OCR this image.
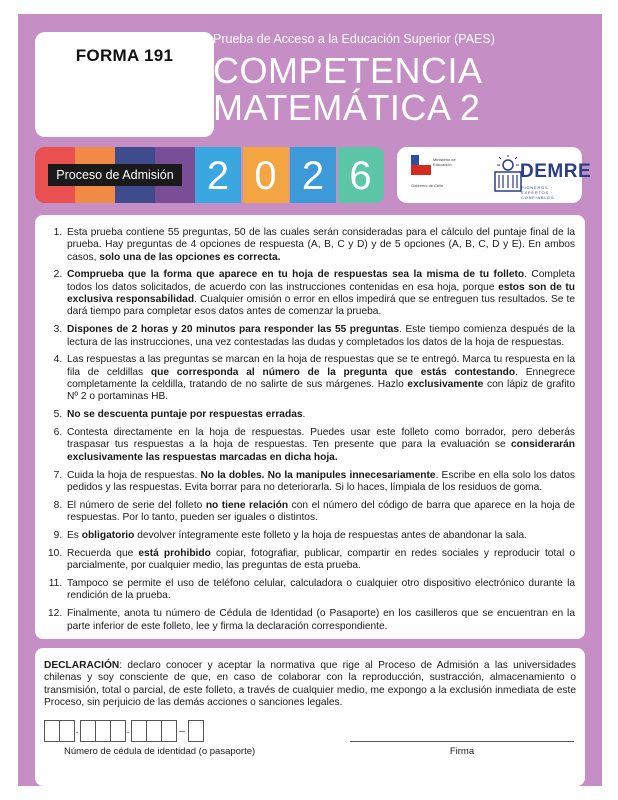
FORMA 191
Prueba de Acceso a la Educación Superior (PAES)
COMPETENCIA
MATEMÁTICA 2
Proceso de Admisión 2 0 2 6	Ministerio de Educación
Gobierno de Chile
DEMRE
PIONEROS · EXPERTOS · CONFIABLES
1. Esta prueba contiene 55 preguntas, 50 de las cuales serán consideradas para el cálculo del puntaje final de la prueba. Hay preguntas de 4 opciones de respuesta (A, B, C y D) y de 5 opciones (A, B, C, D y E). En ambos casos, solo una de las opciones es correcta.
2. Comprueba que la forma que aparece en tu hoja de respuestas sea la misma de tu folleto. Completa todos los datos solicitados, de acuerdo con las instrucciones contenidas en esa hoja, porque estos son de tu exclusiva responsabilidad. Cualquier omisión o error en ellos impedirá que se entreguen tus resultados. Se te dará tiempo para completar esos datos antes de comenzar la prueba.
3. Dispones de 2 horas y 20 minutos para responder las 55 preguntas. Este tiempo comienza después de la lectura de las instrucciones, una vez contestadas las dudas y completados los datos de la hoja de respuestas.
4. Las respuestas a las preguntas se marcan en la hoja de respuestas que se te entregó. Marca tu respuesta en la fila de celdillas que corresponda al número de la pregunta que estás contestando. Ennegrece completamente la celdilla, tratando de no salirte de sus márgenes. Hazlo exclusivamente con lápiz de grafito Nº 2 o portaminas HB.
5. No se descuenta puntaje por respuestas erradas.
6. Contesta directamente en la hoja de respuestas. Puedes usar este folleto como borrador, pero deberás traspasar tus respuestas a la hoja de respuestas. Ten presente que para la evaluación se considerarán exclusivamente las respuestas marcadas en dicha hoja.
7. Cuida la hoja de respuestas. No la dobles. No la manipules innecesariamente. Escribe en ella solo los datos pedidos y las respuestas. Evita borrar para no deteriorarla. Si lo haces, límpiala de los residuos de goma.
8. El número de serie del folleto no tiene relación con el número del código de barra que aparece en la hoja de respuestas. Por lo tanto, pueden ser iguales o distintos.
9. Es obligatorio devolver íntegramente este folleto y la hoja de respuestas antes de abandonar la sala.
10. Recuerda que está prohibido copiar, fotografiar, publicar, compartir en redes sociales y reproducir total o parcialmente, por cualquier medio, las preguntas de esta prueba.
11. Tampoco se permite el uso de teléfono celular, calculadora o cualquier otro dispositivo electrónico durante la rendición de la prueba.
12. Finalmente, anota tu número de Cédula de Identidad (o Pasaporte) en los casilleros que se encuentran en la parte inferior de este folleto, lee y firma la declaración correspondiente.
DECLARACIÓN: declaro conocer y aceptar la normativa que rige al Proceso de Admisión a las universidades chilenas y soy consciente de que, en caso de colaborar con la reproducción, sustracción, almacenamiento o transmisión, total o parcial, de este folleto, a través de cualquier medio, me expongo a la exclusión inmediata de este Proceso, sin perjuicio de las demás acciones o sanciones legales.
.	.	–
Número de cédula de identidad (o pasaporte)	Firma
